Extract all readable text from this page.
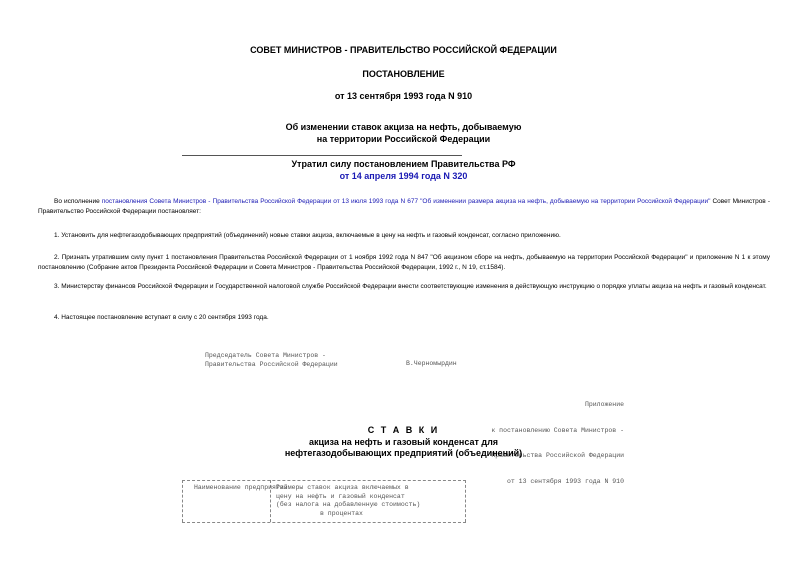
СОВЕТ МИНИСТРОВ - ПРАВИТЕЛЬСТВО РОССИЙСКОЙ ФЕДЕРАЦИИ
ПОСТАНОВЛЕНИЕ
от 13 сентября 1993 года N 910
Об изменении ставок акциза на нефть, добываемую
на территории Российской Федерации
Утратил силу постановлением Правительства РФ
от 14 апреля 1994 года N 320
Во исполнение постановления Совета Министров - Правительства Российской Федерации от 13 июля 1993 года N 677 "Об изменении размера акциза на нефть, добываемую на территории Российской Федерации" Совет Министров - Правительство Российской Федерации постановляет:
1. Установить для нефтегазодобывающих предприятий (объединений) новые ставки акциза, включаемые в цену на нефть и газовый конденсат, согласно приложению.
2. Признать утратившим силу пункт 1 постановления Правительства Российской Федерации от 1 ноября 1992 года N 847 "Об акцизном сборе на нефть, добываемую на территории Российской Федерации" и приложение N 1 к этому постановлению (Собрание актов Президента Российской Федерации и Совета Министров - Правительства Российской Федерации, 1992 г., N 19, ст.1584).
3. Министерству финансов Российской Федерации и Государственной налоговой службе Российской Федерации внести соответствующие изменения в действующую инструкцию о порядке уплаты акциза на нефть и газовый конденсат.
4. Настоящее постановление вступает в силу с 20 сентября 1993 года.
Председатель Совета Министров -
Правительства Российской Федерации	В.Черномырдин

Приложение

к постановлению Совета Министров -

Правительства Российской Федерации

от 13 сентября 1993 года N 910

С Т А В К И
акциза на нефть и газовый конденсат для
нефтегазодобывающих предприятий (объединений)
Наименование предприятий
Размеры ставок акциза включаемых в
цену на нефть и газовый конденсат
(без налога на добавленную стоимость)
в процентах
